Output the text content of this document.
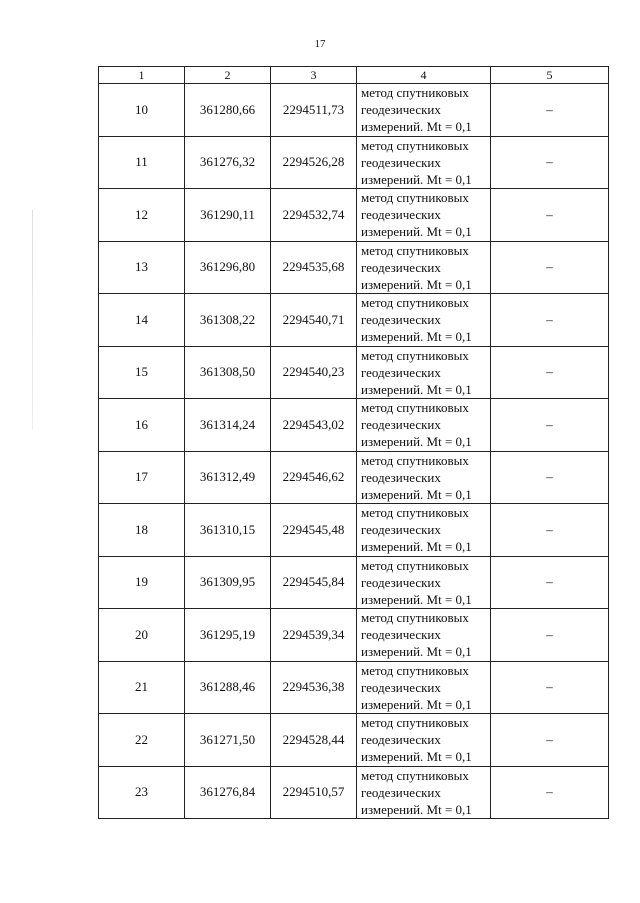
17
1	2	3	4	5
10	361280,66	2294511,73	метод спутниковых
геодезических
измерений. Mt = 0,1	–
11	361276,32	2294526,28	метод спутниковых
геодезических
измерений. Mt = 0,1	–
12	361290,11	2294532,74	метод спутниковых
геодезических
измерений. Mt = 0,1	–
13	361296,80	2294535,68	метод спутниковых
геодезических
измерений. Mt = 0,1	–
14	361308,22	2294540,71	метод спутниковых
геодезических
измерений. Mt = 0,1	–
15	361308,50	2294540,23	метод спутниковых
геодезических
измерений. Mt = 0,1	–
16	361314,24	2294543,02	метод спутниковых
геодезических
измерений. Mt = 0,1	–
17	361312,49	2294546,62	метод спутниковых
геодезических
измерений. Mt = 0,1	–
18	361310,15	2294545,48	метод спутниковых
геодезических
измерений. Mt = 0,1	–
19	361309,95	2294545,84	метод спутниковых
геодезических
измерений. Mt = 0,1	–
20	361295,19	2294539,34	метод спутниковых
геодезических
измерений. Mt = 0,1	–
21	361288,46	2294536,38	метод спутниковых
геодезических
измерений. Mt = 0,1	–
22	361271,50	2294528,44	метод спутниковых
геодезических
измерений. Mt = 0,1	–
23	361276,84	2294510,57	метод спутниковых
геодезических
измерений. Mt = 0,1	–
